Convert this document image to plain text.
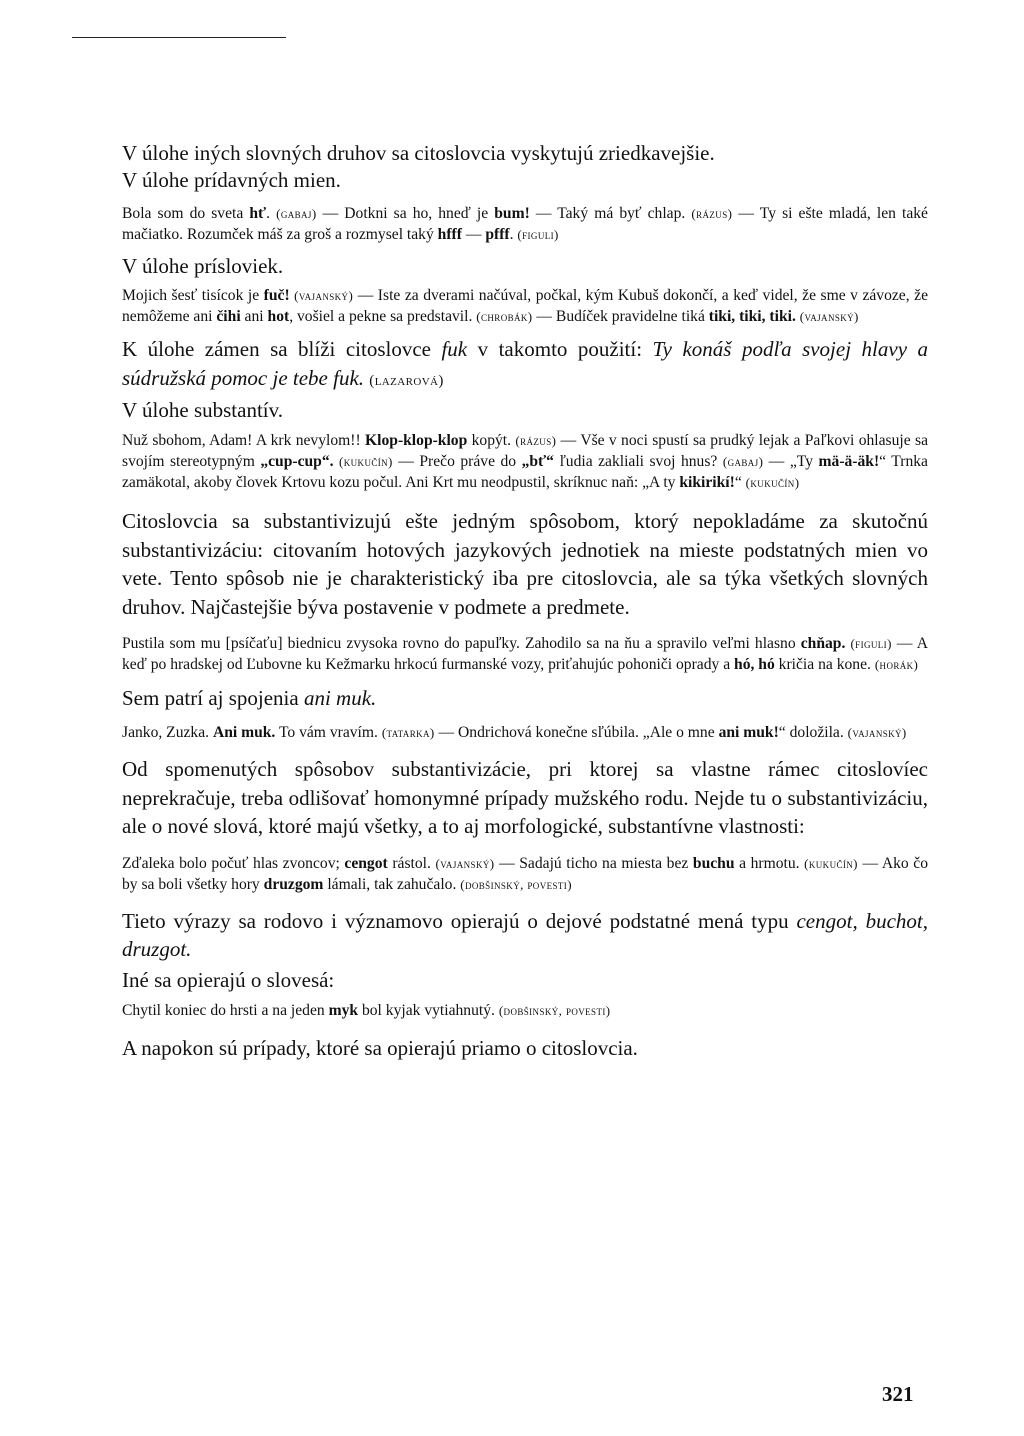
V úlohe iných slovných druhov sa citoslovcia vyskytujú zriedkavejšie.

V úlohe prídavných mien.

Bola som do sveta hť. (gabaj) — Dotkni sa ho, hneď je bum! — Taký má byť chlap. (rázus) — Ty si ešte mladá, len také mačiatko. Rozumček máš za groš a rozmysel taký hfff — pfff. (figuli)

V úlohe prísloviek.

Mojich šesť tisícok je fuč! (vajanský) — Iste za dverami načúval, počkal, kým Kubuš dokončí, a keď videl, že sme v závoze, že nemôžeme ani čihi ani hot, vošiel a pekne sa predstavil. (chrobák) — Budíček pravidelne tiká tiki, tiki, tiki. (vajanský)

K úlohe zámen sa blíži citoslovce fuk v takomto použití: Ty konáš podľa svojej hlavy a súdružská pomoc je tebe fuk. (lazarová)

V úlohe substantív.

Nuž sbohom, Adam! A krk nevylom!! Klop-klop-klop kopýt. (rázus) — Vše v noci spustí sa prudký lejak a Paľkovi ohlasuje sa svojím stereotypným „cup-cup“. (kukučín) — Prečo práve do „bť“ ľudia zakliali svoj hnus? (gabaj) — „Ty mä-ä-äk!“ Trnka zamäkotal, akoby človek Krtovu kozu počul. Ani Krt mu neodpustil, skríknuc naň: „A ty kikirikí!“ (kukučín)

Citoslovcia sa substantivizujú ešte jedným spôsobom, ktorý nepokladáme za skutočnú substantivizáciu: citovaním hotových jazykových jednotiek na mieste podstatných mien vo vete. Tento spôsob nie je charakteristický iba pre citoslovcia, ale sa týka všetkých slovných druhov. Najčastejšie býva postavenie v podmete a predmete.

Pustila som mu [psíčaťu] biednicu zvysoka rovno do papuľky. Zahodilo sa na ňu a spravilo veľmi hlasno chňap. (figuli) — A keď po hradskej od Ľubovne ku Kežmarku hrkocú furmanské vozy, priťahujúc pohoniči oprady a hó, hó kričia na kone. (horák)

Sem patrí aj spojenia ani muk.

Janko, Zuzka. Ani muk. To vám vravím. (tatarka) — Ondrichová konečne sľúbila. „Ale o mne ani muk!“ doložila. (vajanský)

Od spomenutých spôsobov substantivizácie, pri ktorej sa vlastne rámec citoslovíec neprekračuje, treba odlišovať homonymné prípady mužského rodu. Nejde tu o substantivizáciu, ale o nové slová, ktoré majú všetky, a to aj morfologické, substantívne vlastnosti:

Zďaleka bolo počuť hlas zvoncov; cengot rástol. (vajanský) — Sadajú ticho na miesta bez buchu a hrmotu. (kukučín) — Ako čo by sa boli všetky hory druzgom lámali, tak zahučalo. (dobšinský, povesti)

Tieto výrazy sa rodovo i významovo opierajú o dejové podstatné mená typu cengot, buchot, druzgot.

Iné sa opierajú o slovesá:

Chytil koniec do hrsti a na jeden myk bol kyjak vytiahnutý. (dobšinský, povesti)

A napokon sú prípady, ktoré sa opierajú priamo o citoslovcia.

321
